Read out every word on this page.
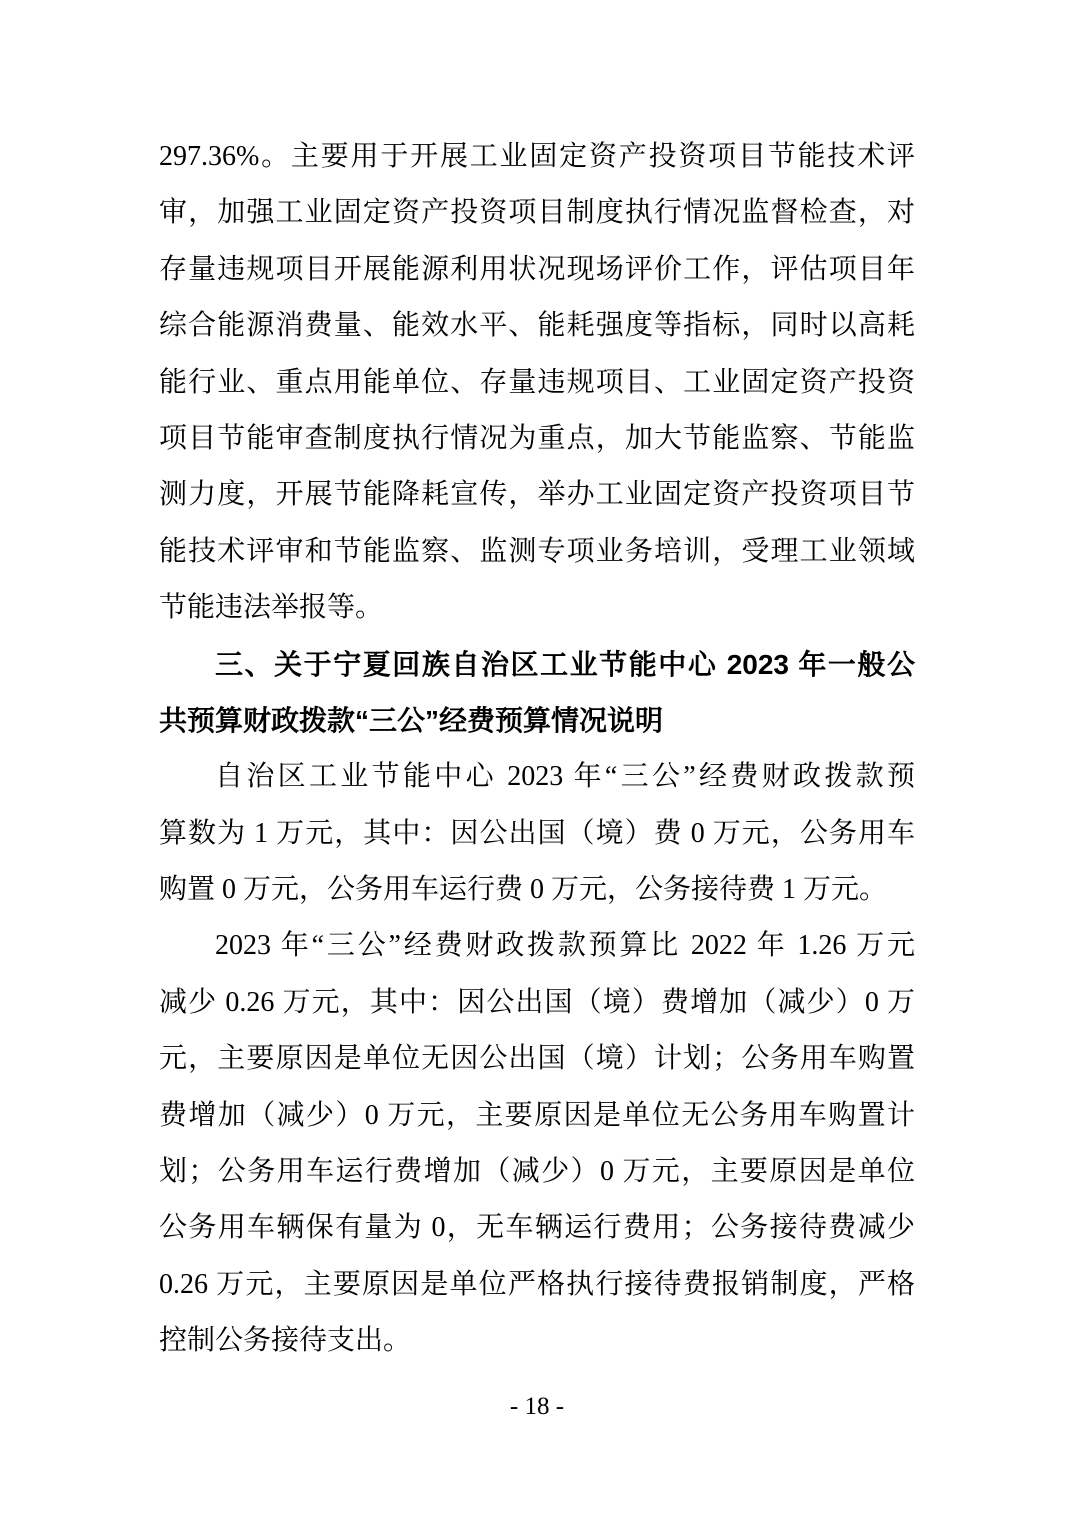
297.36%。主要用于开展工业固定资产投资项目节能技术评
审，加强工业固定资产投资项目制度执行情况监督检查，对
存量违规项目开展能源利用状况现场评价工作，评估项目年
综合能源消费量、能效水平、能耗强度等指标，同时以高耗
能行业、重点用能单位、存量违规项目、工业固定资产投资
项目节能审查制度执行情况为重点，加大节能监察、节能监
测力度，开展节能降耗宣传，举办工业固定资产投资项目节
能技术评审和节能监察、监测专项业务培训，受理工业领域
节能违法举报等。
三、关于宁夏回族自治区工业节能中心 2023 年一般公
共预算财政拨款“三公”经费预算情况说明
自治区工业节能中心 2023 年“三公”经费财政拨款预
算数为 1 万元，其中：因公出国（境）费 0 万元，公务用车
购置 0 万元，公务用车运行费 0 万元，公务接待费 1 万元。
2023 年“三公”经费财政拨款预算比 2022 年 1.26 万元
减少 0.26 万元，其中：因公出国（境）费增加（减少）0 万
元，主要原因是单位无因公出国（境）计划；公务用车购置
费增加（减少）0 万元，主要原因是单位无公务用车购置计
划；公务用车运行费增加（减少）0 万元，主要原因是单位
公务用车辆保有量为 0，无车辆运行费用；公务接待费减少
0.26 万元，主要原因是单位严格执行接待费报销制度，严格
控制公务接待支出。
- 18 -
